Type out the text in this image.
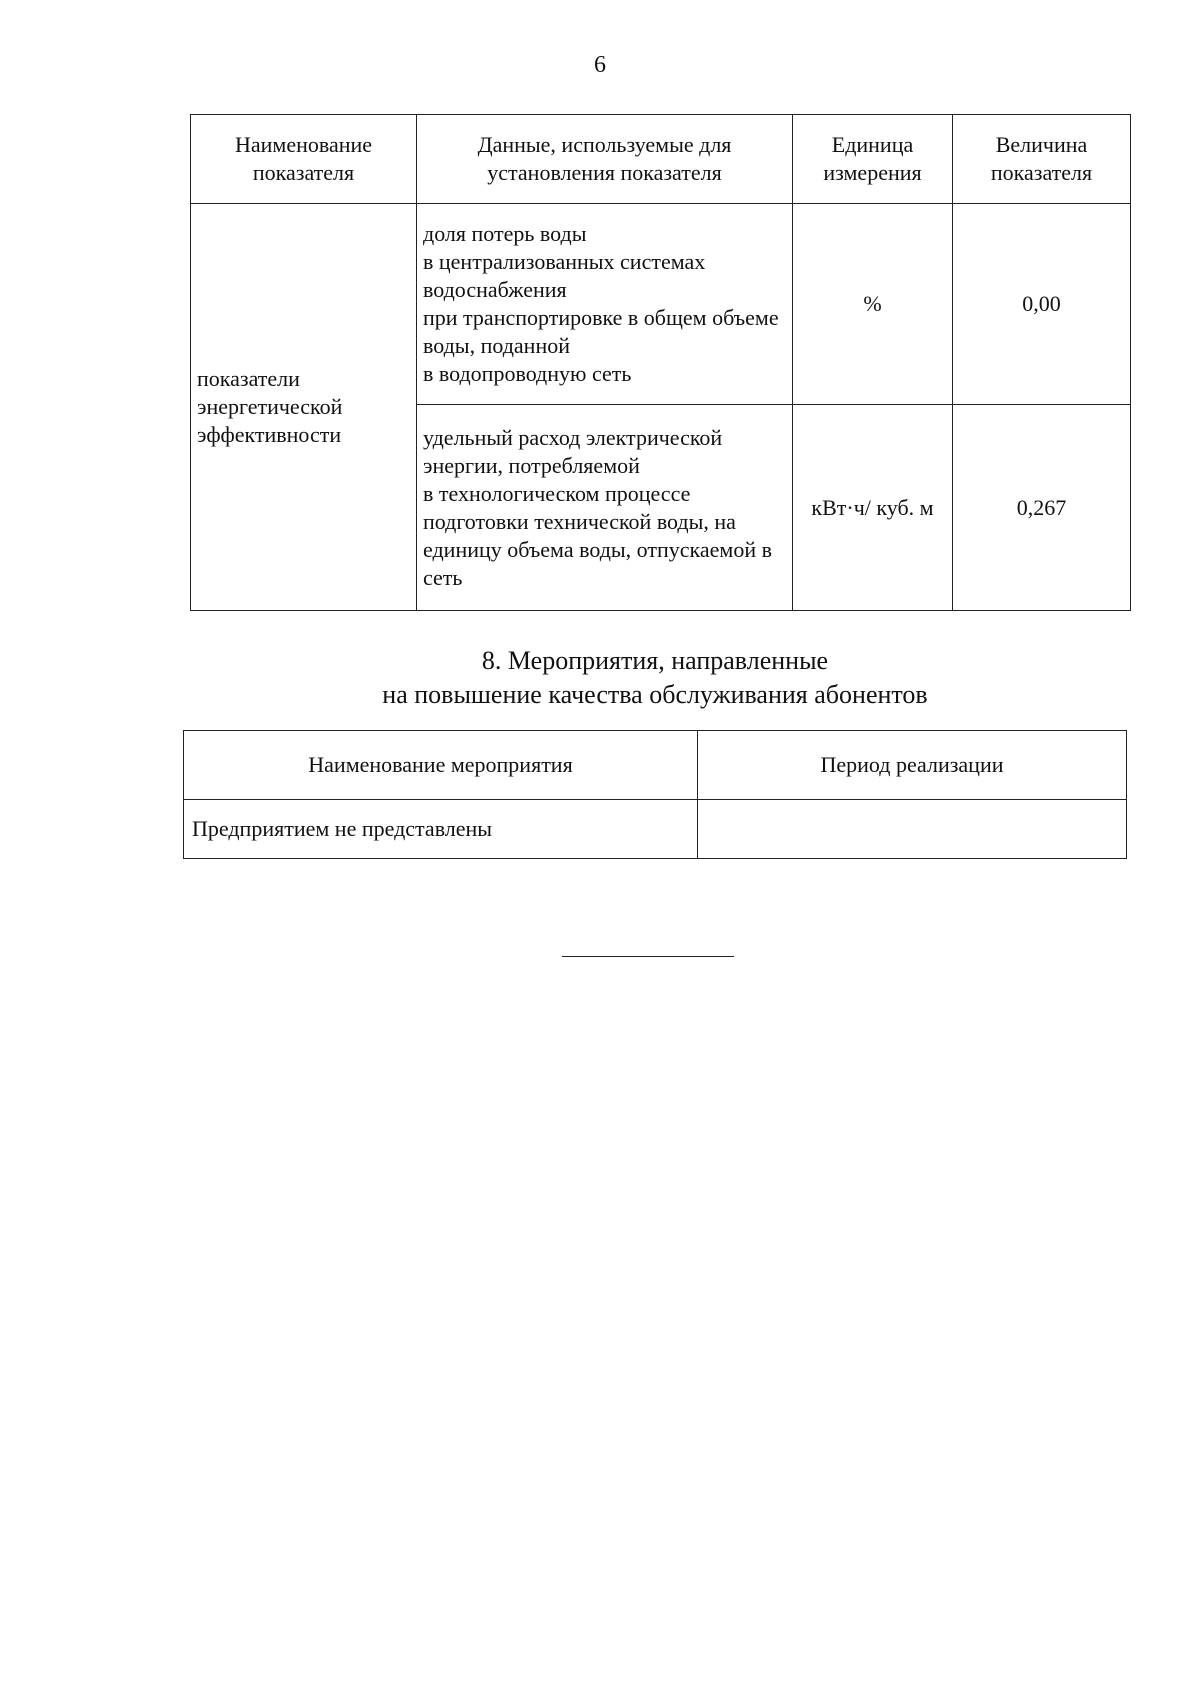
6
Наименование показателя	Данные, используемые для установления показателя	Единица измерения	Величина показателя
показатели энергетической эффективности	доля потерь воды
в централизованных системах водоснабжения
при транспортировке в общем объеме воды, поданной
в водопроводную сеть	%	0,00
	удельный расход электрической энергии, потребляемой
в технологическом процессе подготовки технической воды, на единицу объема воды, отпускаемой в сеть	кВт·ч/ куб. м	0,267
8. Мероприятия, направленные
на повышение качества обслуживания абонентов
Наименование мероприятия	Период реализации
Предприятием не представлены	
